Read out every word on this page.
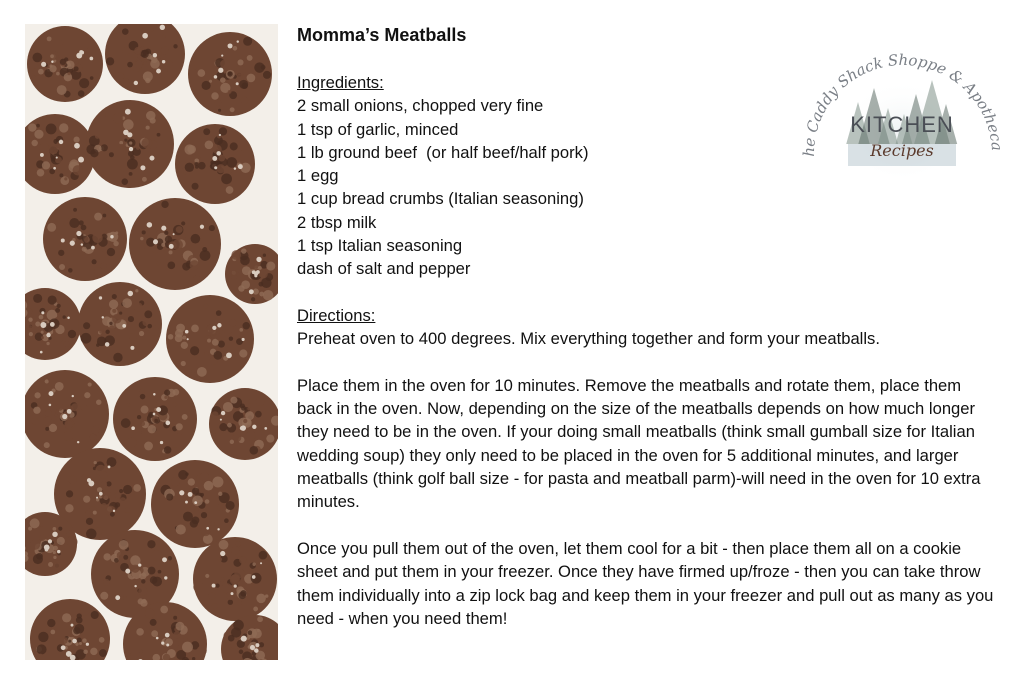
Momma’s Meatballs
Ingredients:
2 small onions, chopped very fine
1 tsp of garlic, minced
1 lb ground beef  (or half beef/half pork)
1 egg
1 cup bread crumbs (Italian seasoning)
2 tbsp milk
1 tsp Italian seasoning
dash of salt and pepper
Directions:

Preheat oven to 400 degrees. Mix everything together and form your meatballs.

Place them in the oven for 10 minutes. Remove the meatballs and rotate them, place them back in the oven. Now, depending on the size of the meatballs depends on how much longer they need to be in the oven. If your doing small meatballs (think small gumball size for Italian wedding soup) they only need to be placed in the oven for 5 additional minutes, and larger meatballs (think golf ball size - for pasta and meatball parm)-will need in the oven for 10 extra minutes.

Once you pull them out of the oven, let them cool for a bit - then place them all on a cookie sheet and put them in your freezer. Once they have firmed up/froze - then you can take throw them individually into a zip lock bag and keep them in your freezer and pull out as many as you need - when you need them!

he Caddy Shack Shoppe & Apotheca
KITCHEN
Recipes
